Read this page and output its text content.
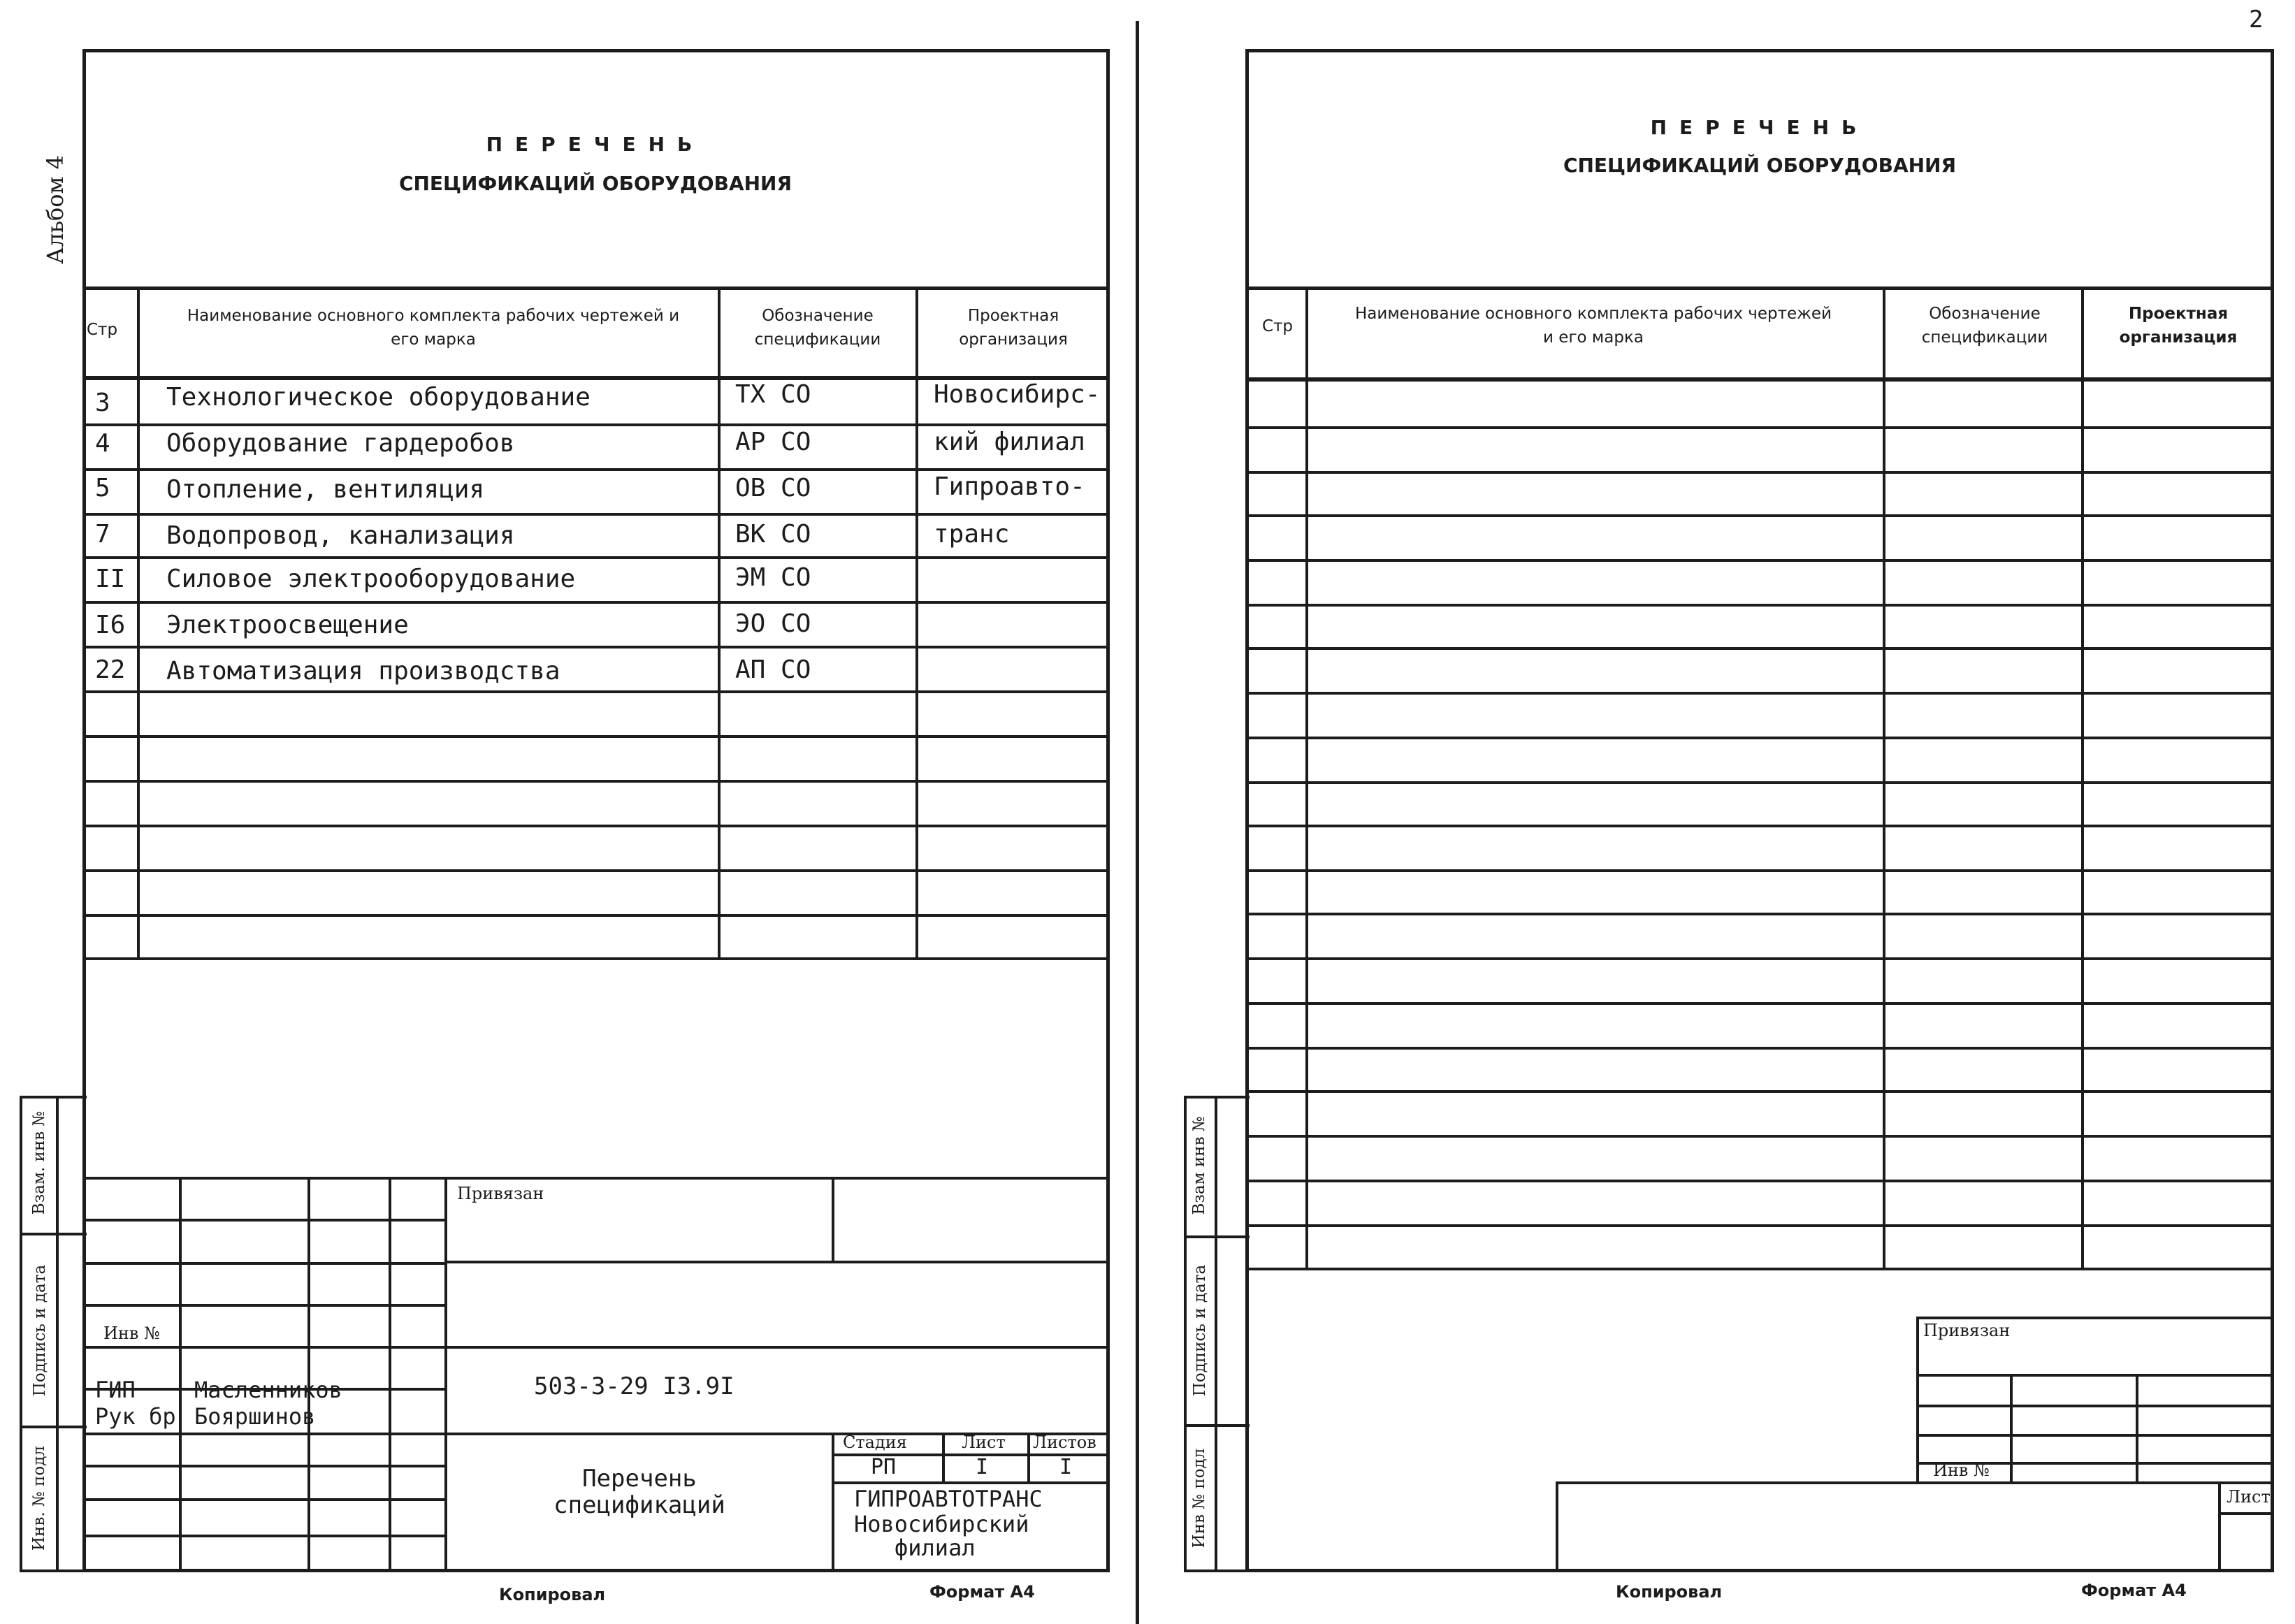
Альбом 4
2
ПЕРЕЧЕНЬ
СПЕЦИФИКАЦИЙ ОБОРУДОВАНИЯ
Стр
Наименование основного комплекта рабочих чертежей и его марка
Обозначение спецификации
Проектная организация
3 Технологическое оборудование	ТХ СО	Новосибирс-
4 Оборудование гардеробов	АР СО	кий филиал
5 Отопление, вентиляция	ОВ СО	Гипроавто-
7 Водопровод, канализация	ВК СО	транс
II Силовое электрооборудование	ЭМ СО
I6 Электроосвещение	ЭО СО
22 Автоматизация производства	АП СО
Взам. инв №
Подпись и дата
Инв. № подл
Привязан
Инв №
ГИП	Масленников
Рук бр Бояршинов
503-3-29 I3.9I
Перечень
спецификаций
Стадия	Лист Листов
РП	I	I
ГИПРОАВТОТРАНС
Новосибирский
филиал
Копировал	Формат А4
ПЕРЕЧЕНЬ
СПЕЦИФИКАЦИЙ ОБОРУДОВАНИЯ
Стр
Наименование основного комплекта рабочих чертежей и его марка
Обозначение спецификации
Проектная организация
Взам инв №
Подпись и дата
Инв № подл
Привязан
Инв №
Лист
Копировал	Формат А4
